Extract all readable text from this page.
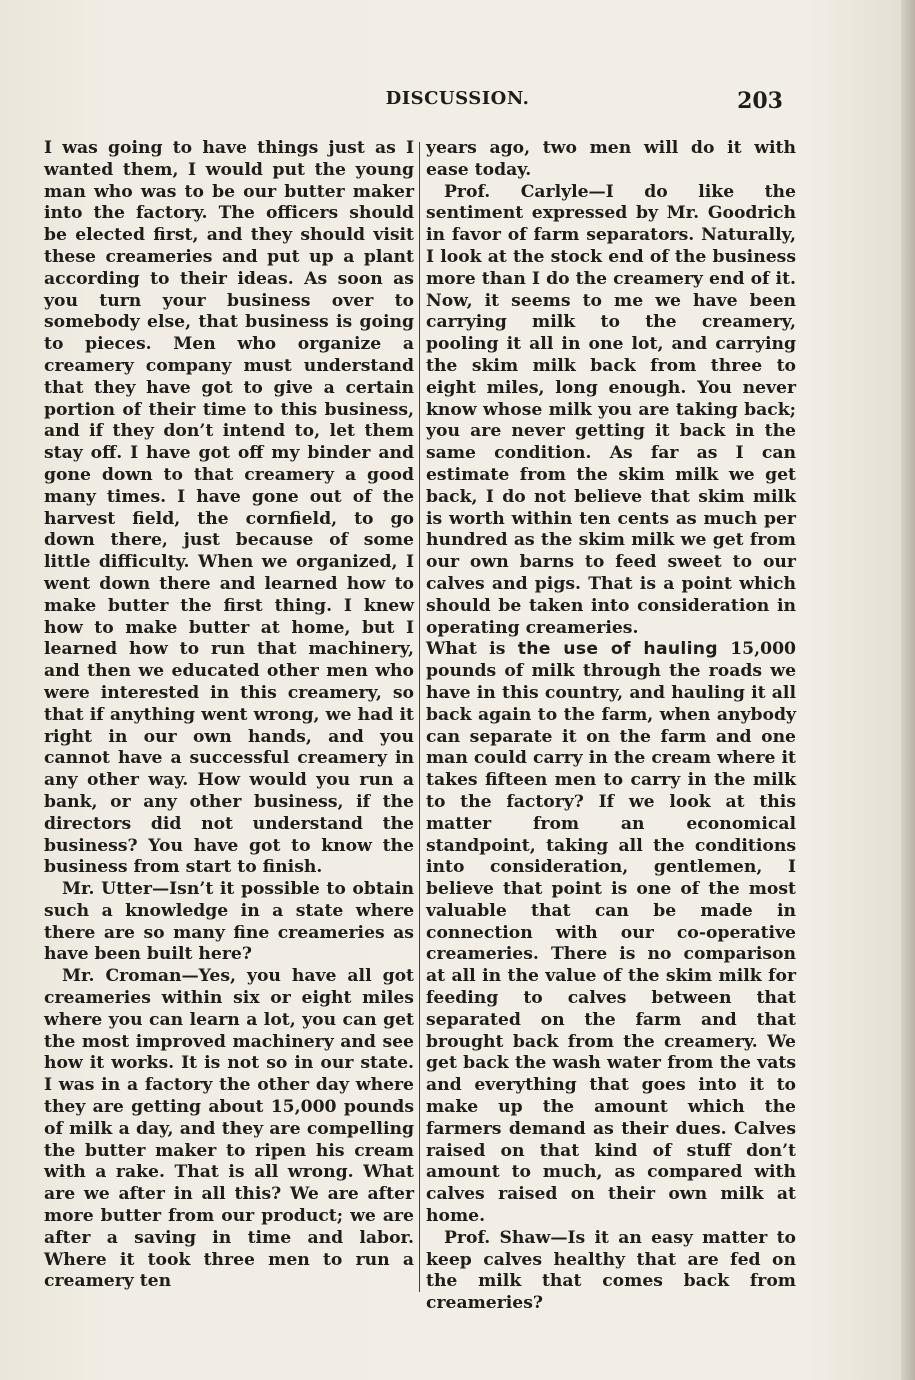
DISCUSSION.	203

I was going to have things just as I wanted them, I would put the young man who was to be our butter maker into the factory. The officers should be elected first, and they should visit these creameries and put up a plant according to their ideas. As soon as you turn your business over to somebody else, that business is going to pieces. Men who organize a creamery company must understand that they have got to give a certain portion of their time to this business, and if they don’t intend to, let them stay off. I have got off my binder and gone down to that creamery a good many times. I have gone out of the harvest field, the cornfield, to go down there, just because of some little difficulty. When we organized, I went down there and learned how to make butter the first thing. I knew how to make butter at home, but I learned how to run that machinery, and then we educated other men who were interested in this creamery, so that if anything went wrong, we had it right in our own hands, and you cannot have a successful creamery in any other way. How would you run a bank, or any other business, if the directors did not understand the business? You have got to know the business from start to finish.

Mr. Utter—Isn’t it possible to obtain such a knowledge in a state where there are so many fine creameries as have been built here?

Mr. Croman—Yes, you have all got creameries within six or eight miles where you can learn a lot, you can get the most improved machinery and see how it works. It is not so in our state. I was in a factory the other day where they are getting about 15,000 pounds of milk a day, and they are compelling the butter maker to ripen his cream with a rake. That is all wrong. What are we after in all this? We are after more butter from our product; we are after a saving in time and labor. Where it took three men to run a creamery ten

years ago, two men will do it with ease today.

Prof. Carlyle—I do like the sentiment expressed by Mr. Goodrich in favor of farm separators. Naturally, I look at the stock end of the business more than I do the creamery end of it. Now, it seems to me we have been carrying milk to the creamery, pooling it all in one lot, and carrying the skim milk back from three to eight miles, long enough. You never know whose milk you are taking back; you are never getting it back in the same condition. As far as I can estimate from the skim milk we get back, I do not believe that skim milk is worth within ten cents as much per hundred as the skim milk we get from our own barns to feed sweet to our calves and pigs. That is a point which should be taken into consideration in operating creameries.

What is the use of hauling 15,000 pounds of milk through the roads we have in this country, and hauling it all back again to the farm, when anybody can separate it on the farm and one man could carry in the cream where it takes fifteen men to carry in the milk to the factory? If we look at this matter from an economical standpoint, taking all the conditions into consideration, gentlemen, I believe that point is one of the most valuable that can be made in connection with our co-operative creameries. There is no comparison at all in the value of the skim milk for feeding to calves between that separated on the farm and that brought back from the creamery. We get back the wash water from the vats and everything that goes into it to make up the amount which the farmers demand as their dues. Calves raised on that kind of stuff don’t amount to much, as compared with calves raised on their own milk at home.

Prof. Shaw—Is it an easy matter to keep calves healthy that are fed on the milk that comes back from creameries?
